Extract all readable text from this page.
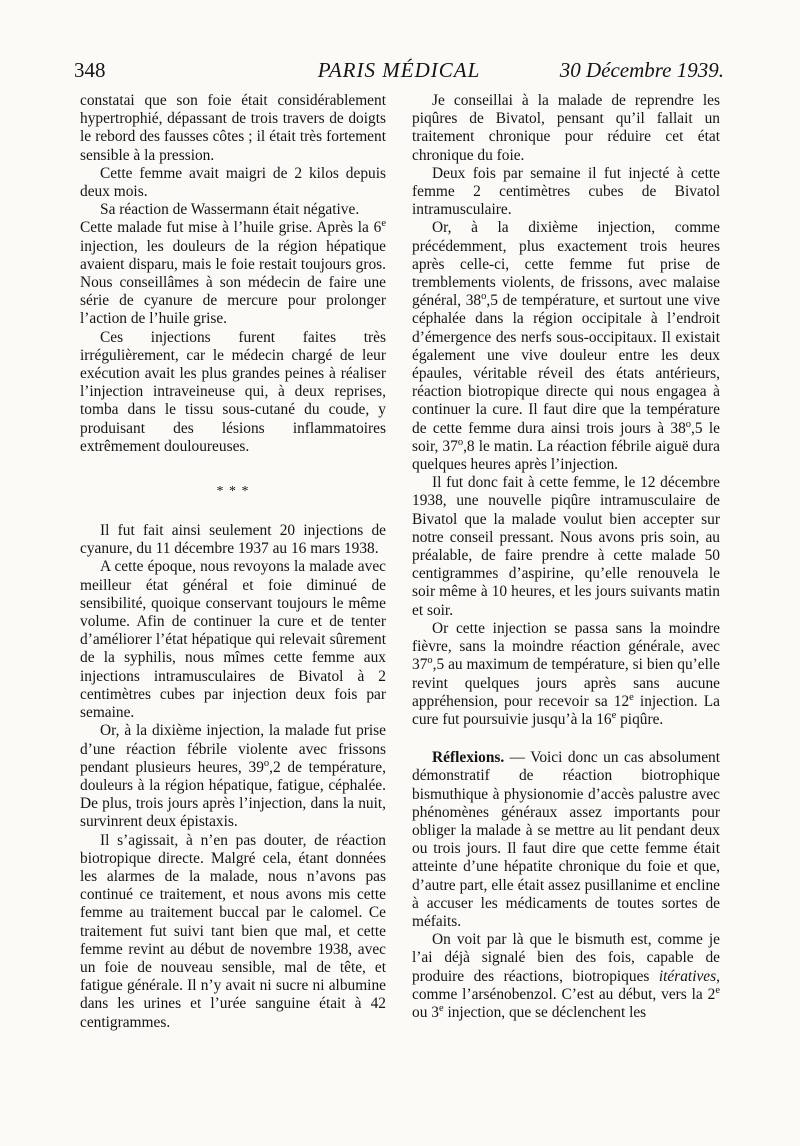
348	PARIS MÉDICAL	30 Décembre 1939.

constatai que son foie était considérablement hypertrophié, dépassant de trois travers de doigts le rebord des fausses côtes ; il était très fortement sensible à la pression.

Cette femme avait maigri de 2 kilos depuis deux mois.

Sa réaction de Wassermann était négative.

Cette malade fut mise à l’huile grise. Après la 6e injection, les douleurs de la région hépatique avaient disparu, mais le foie restait toujours gros. Nous conseillâmes à son médecin de faire une série de cyanure de mercure pour prolonger l’action de l’huile grise.

Ces injections furent faites très irrégulièrement, car le médecin chargé de leur exécution avait les plus grandes peines à réaliser l’injection intraveineuse qui, à deux reprises, tomba dans le tissu sous-cutané du coude, y produisant des lésions inflammatoires extrêmement douloureuses.

* * *

Il fut fait ainsi seulement 20 injections de cyanure, du 11 décembre 1937 au 16 mars 1938.

A cette époque, nous revoyons la malade avec meilleur état général et foie diminué de sensibilité, quoique conservant toujours le même volume. Afin de continuer la cure et de tenter d’améliorer l’état hépatique qui relevait sûrement de la syphilis, nous mîmes cette femme aux injections intramusculaires de Bivatol à 2 centimètres cubes par injection deux fois par semaine.

Or, à la dixième injection, la malade fut prise d’une réaction fébrile violente avec frissons pendant plusieurs heures, 39$^o$,2 de température, douleurs à la région hépatique, fatigue, céphalée. De plus, trois jours après l’injection, dans la nuit, survinrent deux épistaxis.

Il s’agissait, à n’en pas douter, de réaction biotropique directe. Malgré cela, étant données les alarmes de la malade, nous n’avons pas continué ce traitement, et nous avons mis cette femme au traitement buccal par le calomel. Ce traitement fut suivi tant bien que mal, et cette femme revint au début de novembre 1938, avec un foie de nouveau sensible, mal de tête, et fatigue générale. Il n’y avait ni sucre ni albumine dans les urines et l’urée sanguine était à 42 centigrammes.

Je conseillai à la malade de reprendre les piqûres de Bivatol, pensant qu’il fallait un traitement chronique pour réduire cet état chronique du foie.

Deux fois par semaine il fut injecté à cette femme 2 centimètres cubes de Bivatol intramusculaire.

Or, à la dixième injection, comme précédemment, plus exactement trois heures après celle-ci, cette femme fut prise de tremblements violents, de frissons, avec malaise général, 38$^o$,5 de température, et surtout une vive céphalée dans la région occipitale à l’endroit d’émergence des nerfs sous-occipitaux. Il existait également une vive douleur entre les deux épaules, véritable réveil des états antérieurs, réaction biotropique directe qui nous engagea à continuer la cure. Il faut dire que la température de cette femme dura ainsi trois jours à 38$^o$,5 le soir, 37$^o$,8 le matin. La réaction fébrile aiguë dura quelques heures après l’injection.

Il fut donc fait à cette femme, le 12 décembre 1938, une nouvelle piqûre intramusculaire de Bivatol que la malade voulut bien accepter sur notre conseil pressant. Nous avons pris soin, au préalable, de faire prendre à cette malade 50 centigrammes d’aspirine, qu’elle renouvela le soir même à 10 heures, et les jours suivants matin et soir.

Or cette injection se passa sans la moindre fièvre, sans la moindre réaction générale, avec 37$^o$,5 au maximum de température, si bien qu’elle revint quelques jours après sans aucune appréhension, pour recevoir sa 12e injection. La cure fut poursuivie jusqu’à la 16e piqûre.

Réflexions. — Voici donc un cas absolument démonstratif de réaction biotrophique bismuthique à physionomie d’accès palustre avec phénomènes généraux assez importants pour obliger la malade à se mettre au lit pendant deux ou trois jours. Il faut dire que cette femme était atteinte d’une hépatite chronique du foie et que, d’autre part, elle était assez pusillanime et encline à accuser les médicaments de toutes sortes de méfaits.

On voit par là que le bismuth est, comme je l’ai déjà signalé bien des fois, capable de produire des réactions, biotropiques itératives, comme l’arsénobenzol. C’est au début, vers la 2e ou 3e injection, que se déclenchent les
